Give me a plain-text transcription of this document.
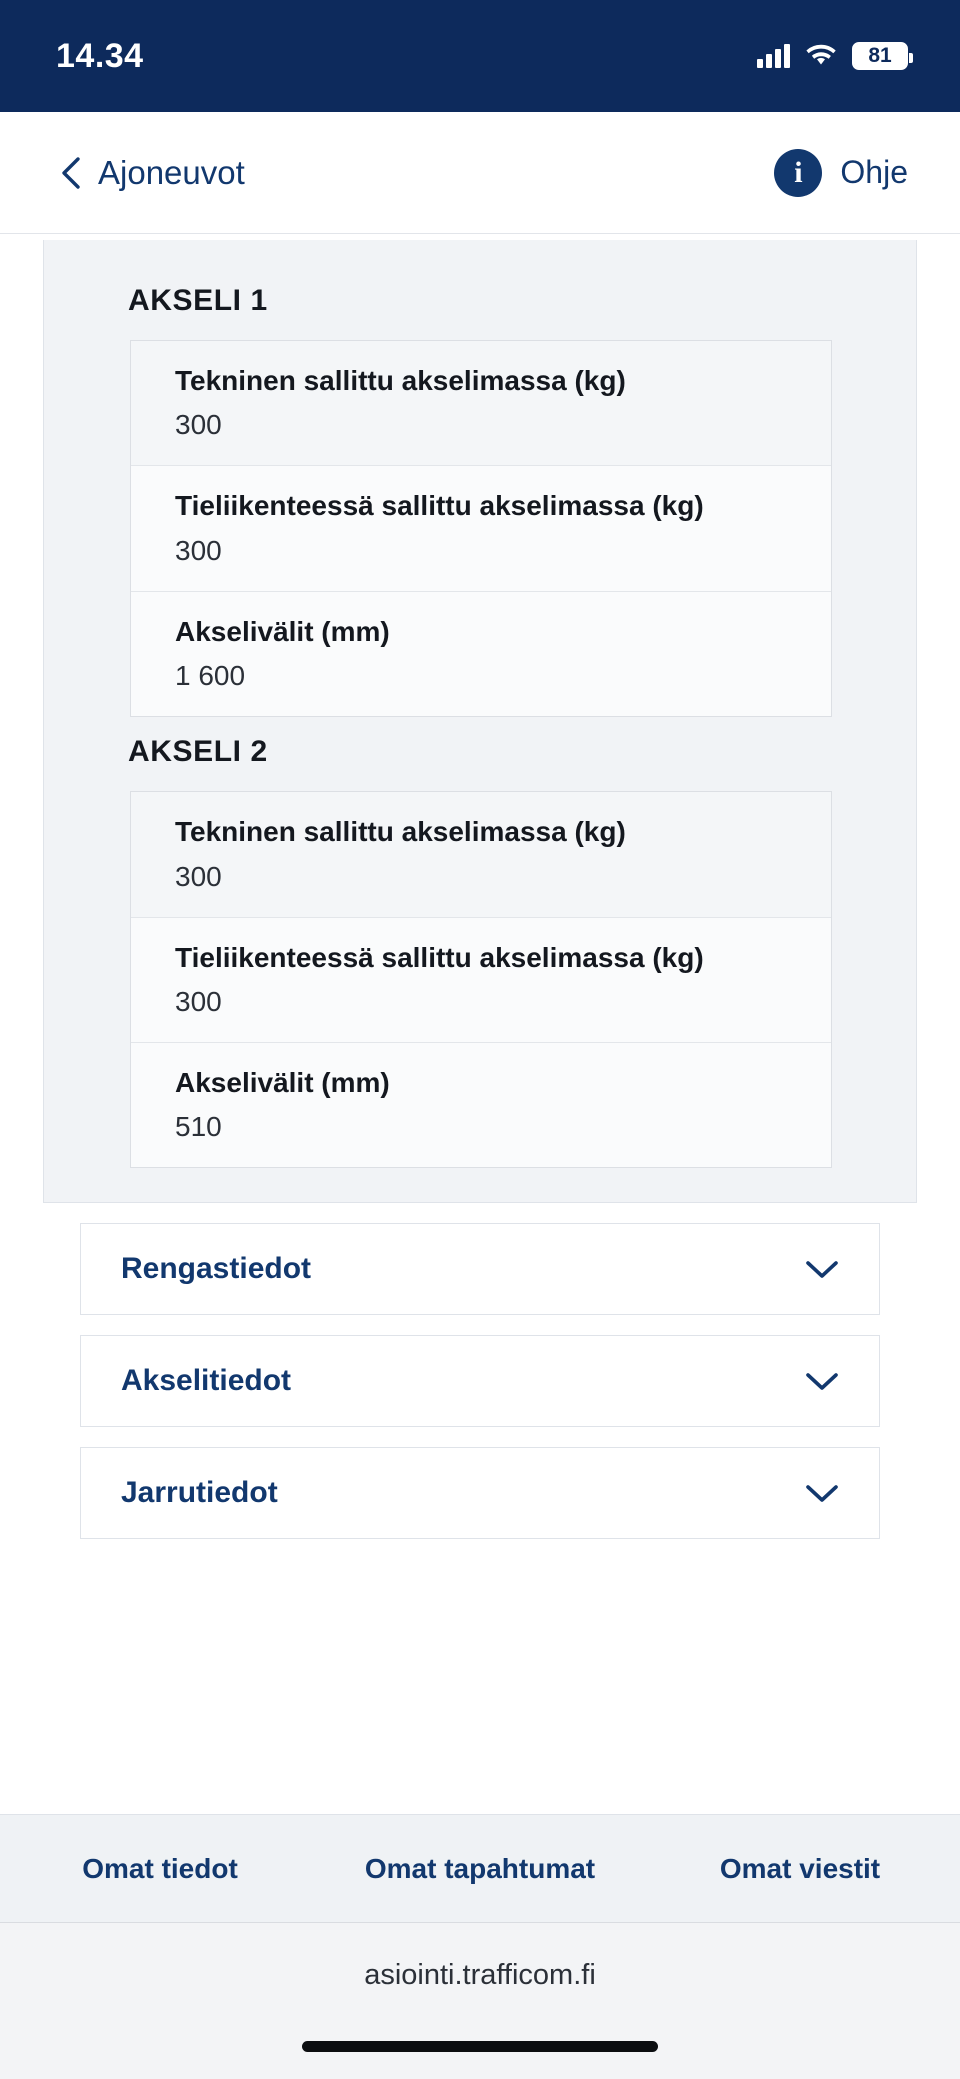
14.34	81
Ajoneuvot	i	Ohje
AKSELI 1
Tekninen sallittu akselimassa (kg)
300
Tieliikenteessä sallittu akselimassa (kg)
300
Akselivälit (mm)
1 600
AKSELI 2
Tekninen sallittu akselimassa (kg)
300
Tieliikenteessä sallittu akselimassa (kg)
300
Akselivälit (mm)
510
Rengastiedot
Akselitiedot
Jarrutiedot
Omat tiedot	Omat tapahtumat	Omat viestit
asiointi.trafficom.fi
